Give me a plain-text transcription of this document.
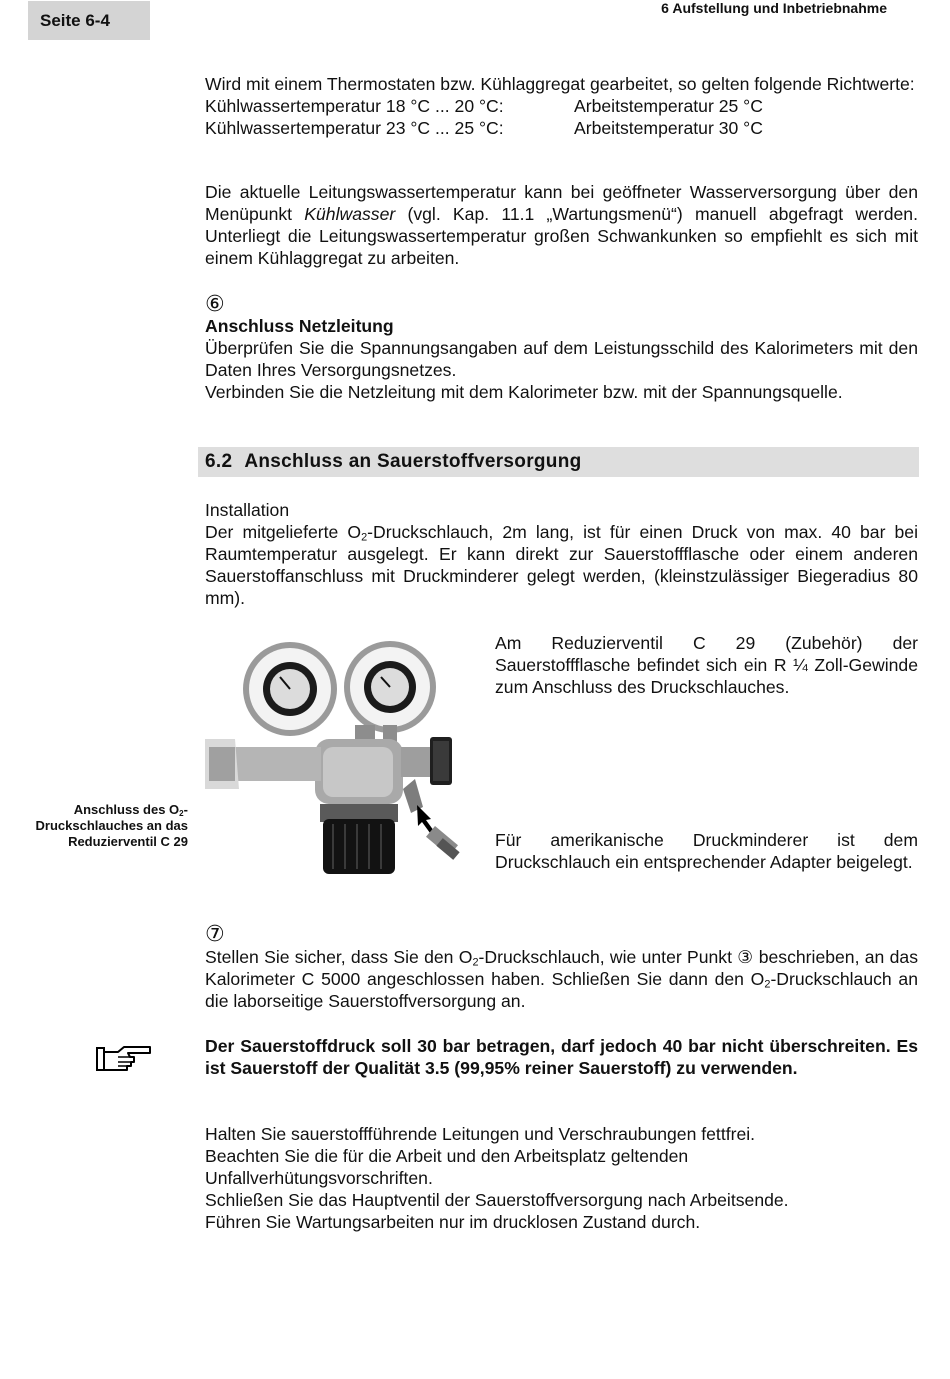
Seite 6-4
6 Aufstellung und Inbetriebnahme
Wird mit einem Thermostaten bzw. Kühlaggregat gearbeitet, so gelten folgende Richtwerte:
Kühlwassertemperatur 18 °C ... 20 °C:	Arbeitstemperatur 25 °C
Kühlwassertemperatur 23 °C ... 25 °C:	Arbeitstemperatur 30 °C
Die aktuelle Leitungswassertemperatur kann bei geöffneter Wasserversorgung über den Menüpunkt Kühlwasser (vgl. Kap. 11.1 „Wartungsmenü“) manuell abgefragt werden. Unterliegt die Leitungswassertemperatur großen Schwankunken so empfiehlt es sich mit einem Kühlaggregat zu arbeiten.
⑥
Anschluss Netzleitung
Überprüfen Sie die Spannungsangaben auf dem Leistungsschild des Kalorimeters mit den Daten Ihres Versorgungsnetzes.
Verbinden Sie die Netzleitung mit dem Kalorimeter bzw. mit der Spannungsquelle.
6.2 Anschluss an Sauerstoffversorgung
Installation
Der mitgelieferte $O_2$-Druckschlauch, 2m lang, ist für einen Druck von max. 40 bar bei Raumtemperatur ausgelegt. Er kann direkt zur Sauerstoffflasche oder einem anderen Sauerstoffanschluss mit Druckminderer gelegt werden, (kleinstzulässiger Biegeradius 80 mm).
Am Reduzierventil C 29 (Zubehör) der Sauerstoffflasche befindet sich ein R ¼ Zoll-Gewinde zum Anschluss des Druckschlauches.
Anschluss des $O_2$-Druckschlauches an das Reduzierventil C 29	Für amerikanische Druckminderer ist dem Druckschlauch ein entsprechender Adapter beigelegt.
⑦
Stellen Sie sicher, dass Sie den $O_2$-Druckschlauch, wie unter Punkt ③ beschrieben, an das Kalorimeter C 5000 angeschlossen haben. Schließen Sie dann den $O_2$-Druckschlauch an die laborseitige Sauerstoffversorgung an.
Der Sauerstoffdruck soll 30 bar betragen, darf jedoch 40 bar nicht überschreiten. Es ist Sauerstoff der Qualität 3.5 (99,95% reiner Sauerstoff) zu verwenden.
Halten Sie sauerstoffführende Leitungen und Verschraubungen fettfrei.
Beachten Sie die für die Arbeit und den Arbeitsplatz geltenden Unfallverhütungsvorschriften.
Schließen Sie das Hauptventil der Sauerstoffversorgung nach Arbeitsende.
Führen Sie Wartungsarbeiten nur im drucklosen Zustand durch.
